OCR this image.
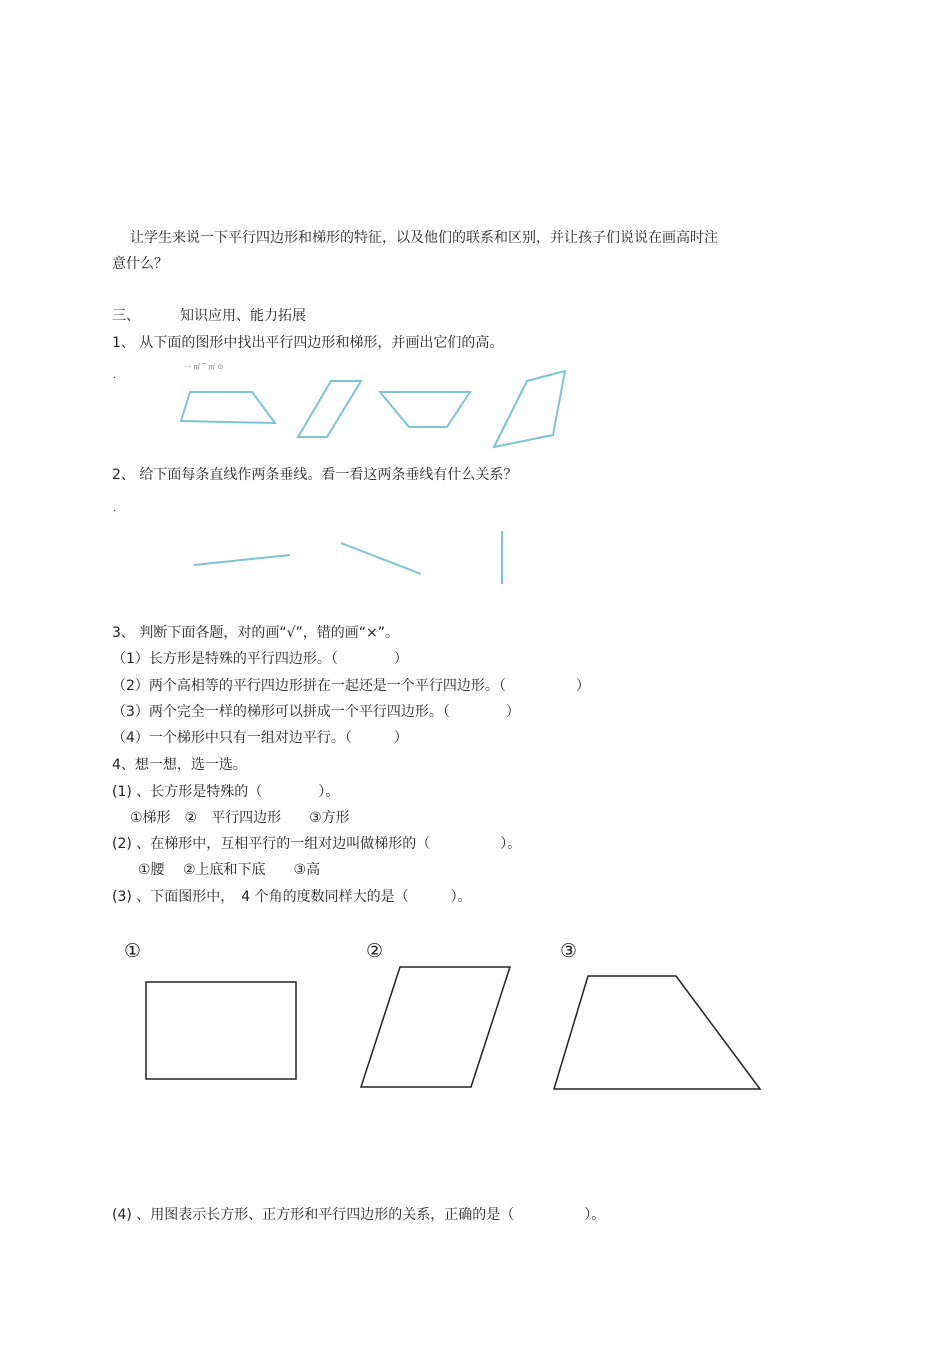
让学生来说一下平行四边形和梯形的特征，以及他们的联系和区别，并让孩子们说说在画高时注
意什么？
三、	知识应用、能力拓展
1、 从下面的图形中找出平行四边形和梯形，并画出它们的高。
一 ㎡ ‾ ㎡ ⊙
.
2、 给下面每条直线作两条垂线。看一看这两条垂线有什么关系？
.
3、 判断下面各题，对的画“√”，错的画“×”。
（1）长方形是特殊的平行四边形。（　　　　）
（2）两个高相等的平行四边形拼在一起还是一个平行四边形。（　　　　　）
（3）两个完全一样的梯形可以拼成一个平行四边形。（　　　　）
（4）一个梯形中只有一组对边平行。（　　　）
4、想一想，选一选。
(1) 、长方形是特殊的（　　　　）。
①梯形　②　平行四边形　　③方形
(2) 、在梯形中，互相平行的一组对边叫做梯形的（　　　　　）。
①腰　 ②上底和下底　　③高
(3) 、下面图形中，　4 个角的度数同样大的是（　　　）。
①	②	③
(4) 、用图表示长方形、正方形和平行四边形的关系，正确的是（　　　　　）。
